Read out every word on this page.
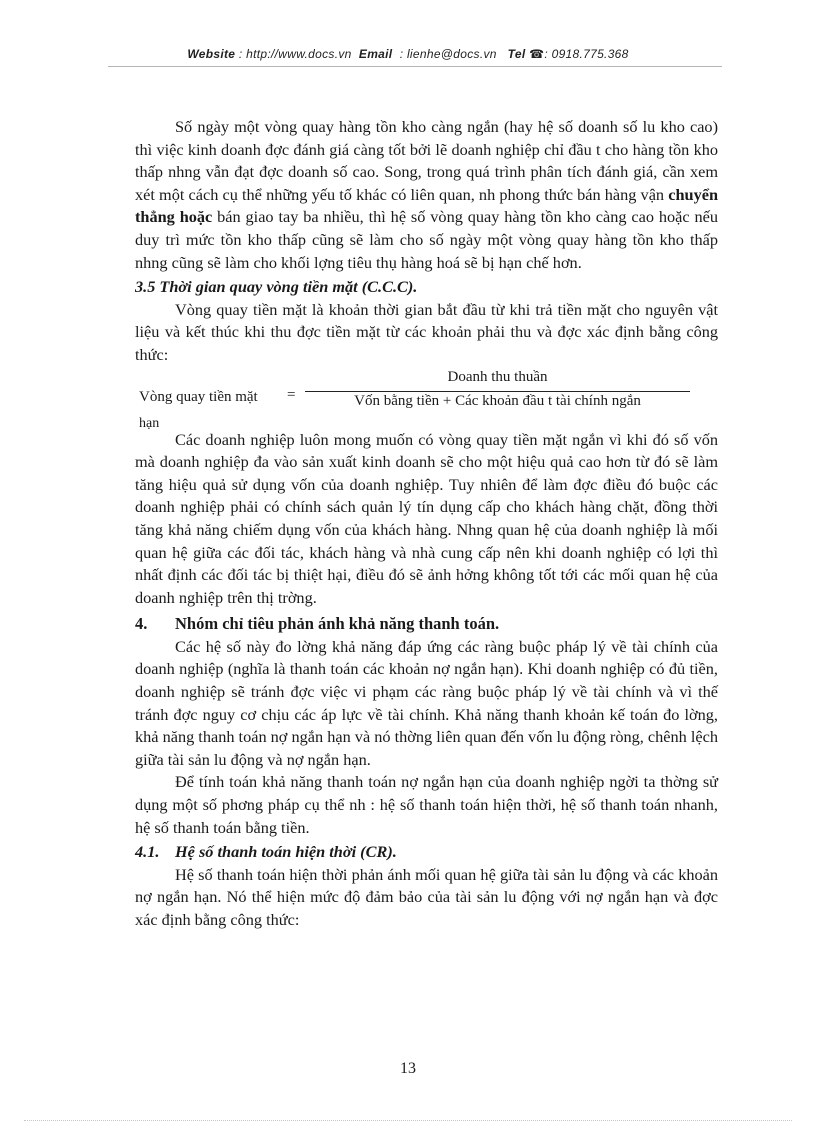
Website : http://www.docs.vn Email : lienhe@docs.vn Tel ☎: 0918.775.368

Số ngày một vòng quay hàng tồn kho càng ngắn (hay hệ số doanh số lu kho cao) thì việc kinh doanh đợc đánh giá càng tốt bởi lẽ doanh nghiệp chỉ đầu t cho hàng tồn kho thấp nhng vẫn đạt đợc doanh số cao. Song, trong quá trình phân tích đánh giá, cần xem xét một cách cụ thể những yếu tố khác có liên quan, nh phong thức bán hàng vận chuyển thẳng hoặc bán giao tay ba nhiều, thì hệ số vòng quay hàng tồn kho càng cao hoặc nếu duy trì mức tồn kho thấp cũng sẽ làm cho số ngày một vòng quay hàng tồn kho thấp nhng cũng sẽ làm cho khối lợng tiêu thụ hàng hoá sẽ bị hạn chế hơn.

3.5 Thời gian quay vòng tiền mặt (C.C.C).

Vòng quay tiền mặt là khoản thời gian bắt đầu từ khi trả tiền mặt cho nguyên vật liệu và kết thúc khi thu đợc tiền mặt từ các khoản phải thu và đợc xác định bằng công thức:

Vòng quay tiền mặt =
Doanh thu thuần
Vốn bằng tiền + Các khoản đầu t tài chính ngắn
hạn

Các doanh nghiệp luôn mong muốn có vòng quay tiền mặt ngắn vì khi đó số vốn mà doanh nghiệp đa vào sản xuất kinh doanh sẽ cho một hiệu quả cao hơn từ đó sẽ làm tăng hiệu quả sử dụng vốn của doanh nghiệp. Tuy nhiên để làm đợc điều đó buộc các doanh nghiệp phải có chính sách quản lý tín dụng cấp cho khách hàng chặt, đồng thời tăng khả năng chiếm dụng vốn của khách hàng. Nhng quan hệ của doanh nghiệp là mối quan hệ giữa các đối tác, khách hàng và nhà cung cấp nên khi doanh nghiệp có lợi thì nhất định các đối tác bị thiệt hại, điều đó sẽ ảnh hởng không tốt tới các mối quan hệ của doanh nghiệp trên thị trờng.

4. Nhóm chỉ tiêu phản ánh khả năng thanh toán.

Các hệ số này đo lờng khả năng đáp ứng các ràng buộc pháp lý về tài chính của doanh nghiệp (nghĩa là thanh toán các khoản nợ ngắn hạn). Khi doanh nghiệp có đủ tiền, doanh nghiệp sẽ tránh đợc việc vi phạm các ràng buộc pháp lý về tài chính và vì thế tránh đợc nguy cơ chịu các áp lực về tài chính. Khả năng thanh khoản kế toán đo lờng, khả năng thanh toán nợ ngắn hạn và nó thờng liên quan đến vốn lu động ròng, chênh lệch giữa tài sản lu động và nợ ngắn hạn.

Để tính toán khả năng thanh toán nợ ngắn hạn của doanh nghiệp ngời ta thờng sử dụng một số phơng pháp cụ thể nh : hệ số thanh toán hiện thời, hệ số thanh toán nhanh, hệ số thanh toán bằng tiền.

4.1. Hệ số thanh toán hiện thời (CR).

Hệ số thanh toán hiện thời phản ánh mối quan hệ giữa tài sản lu động và các khoản nợ ngắn hạn. Nó thể hiện mức độ đảm bảo của tài sản lu động với nợ ngắn hạn và đợc xác định bằng công thức:

13
